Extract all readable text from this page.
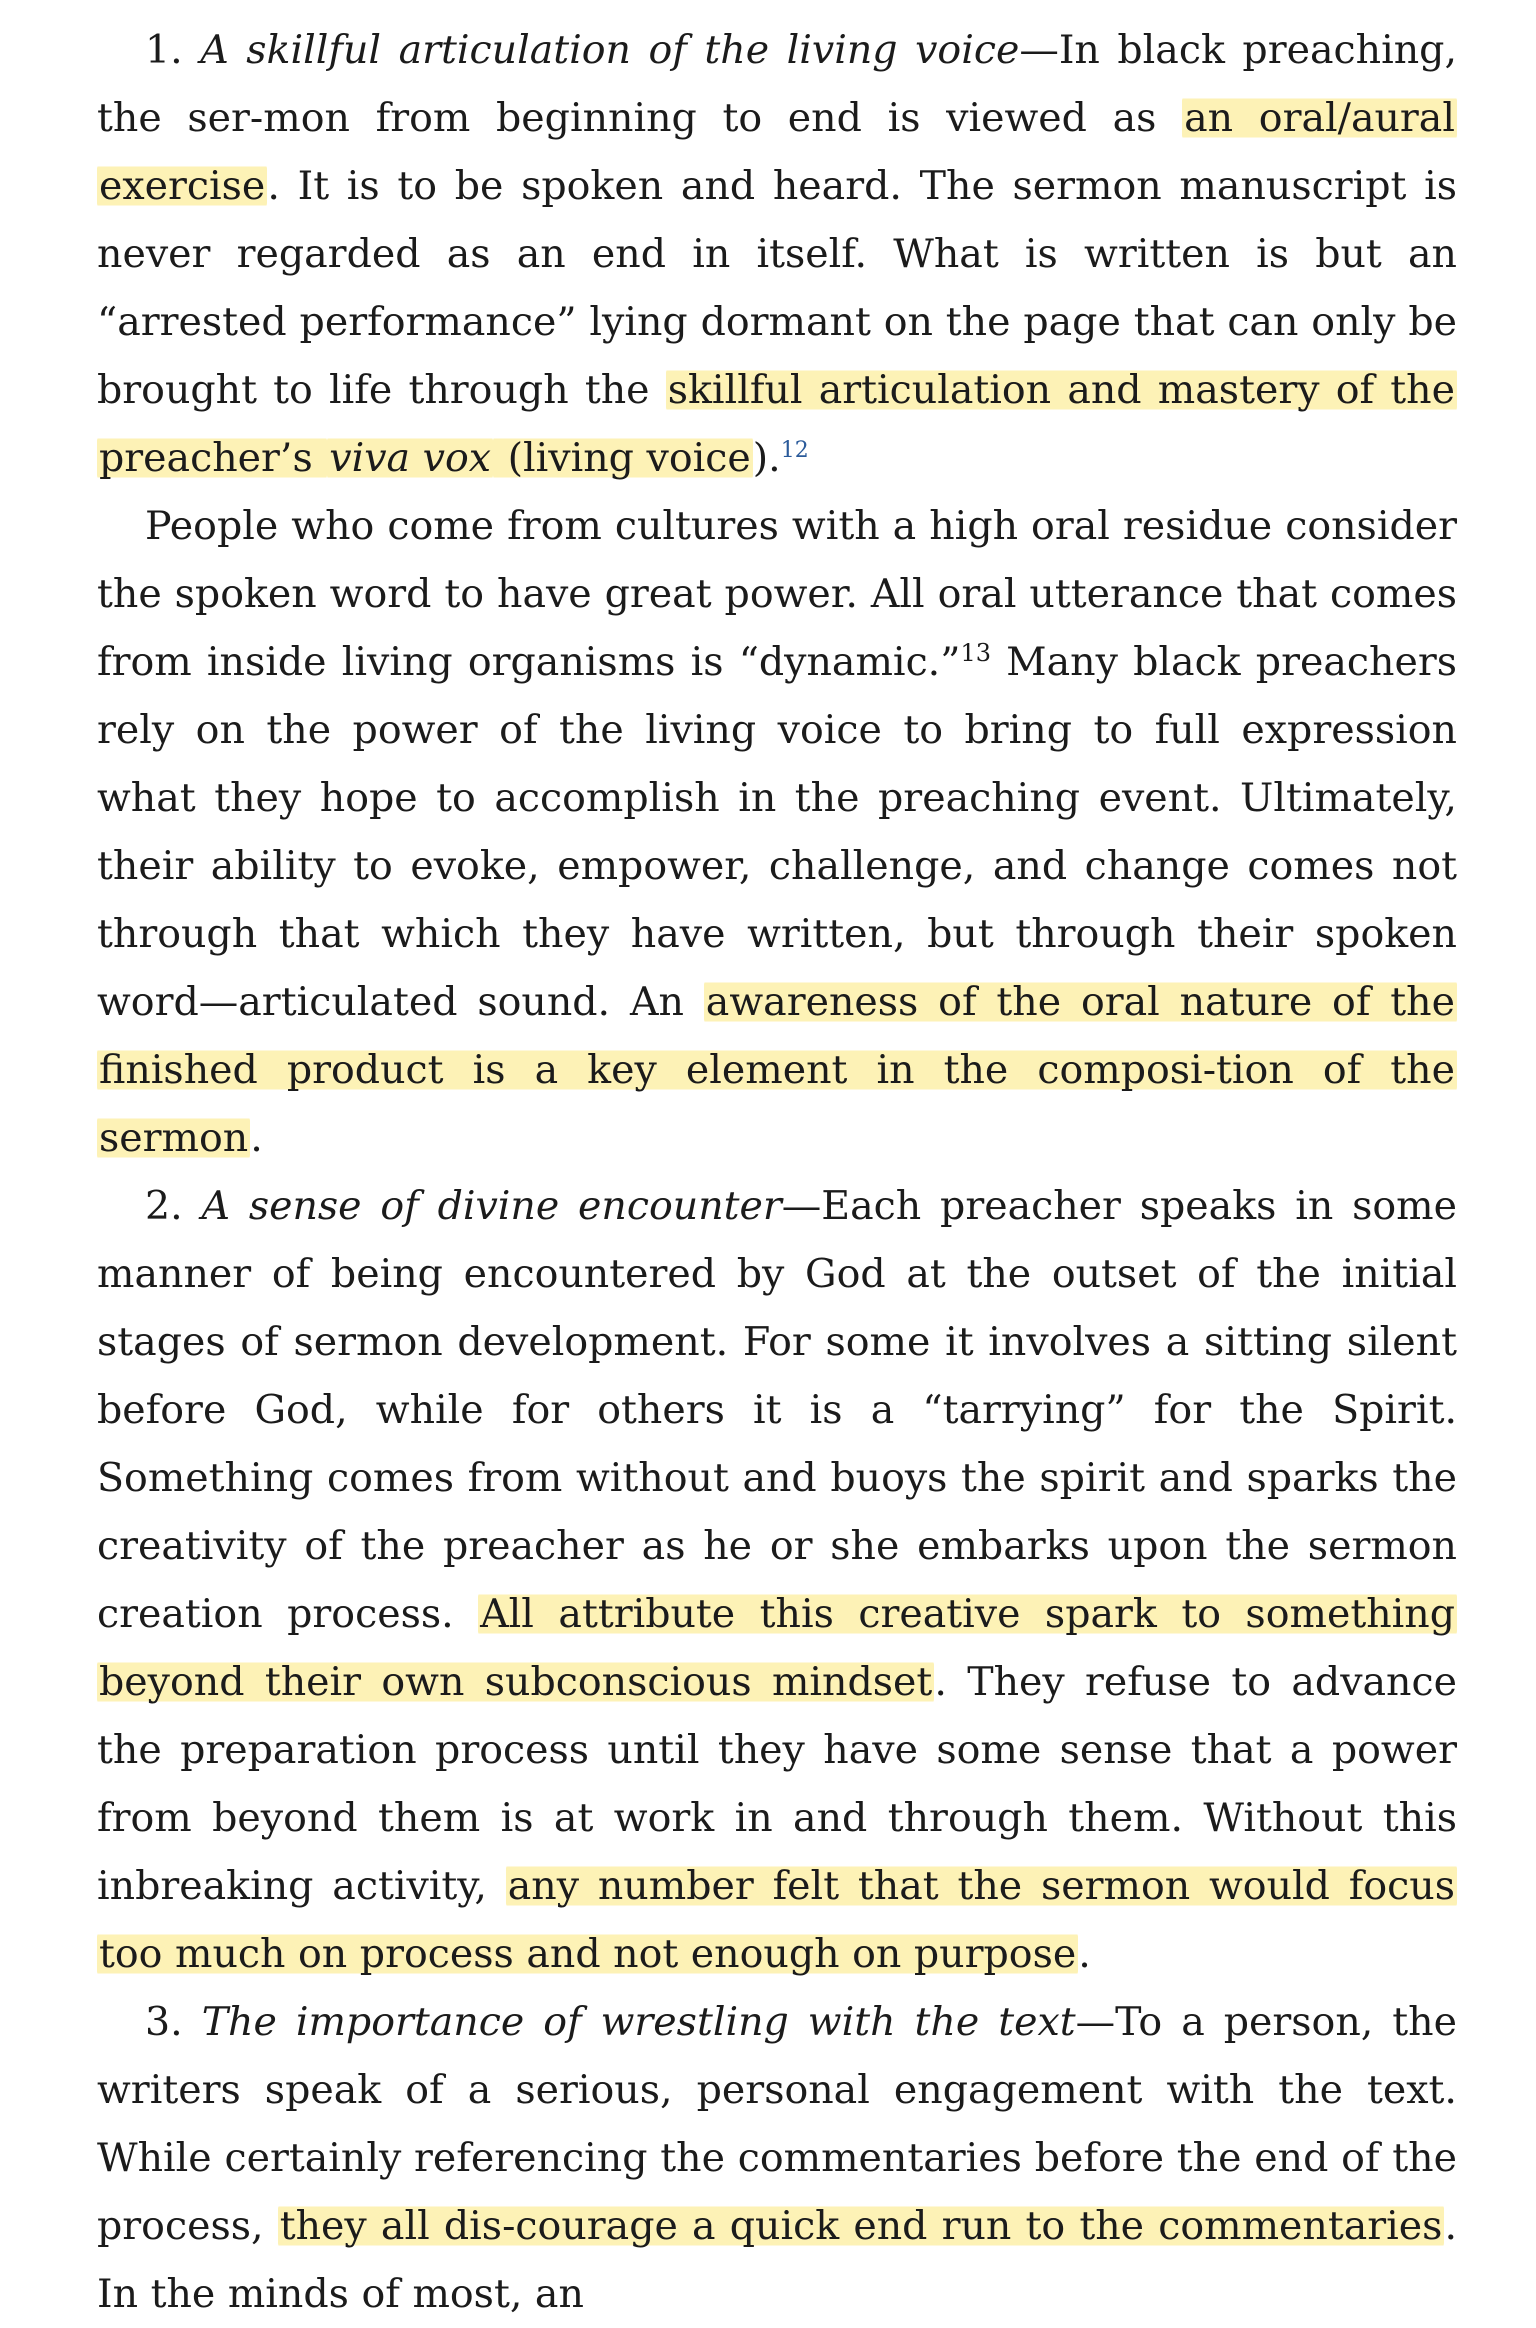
1. A skillful articulation of the living voice—In black preaching, the ser-mon from beginning to end is viewed as an oral/aural exercise. It is to be spoken and heard. The sermon manuscript is never regarded as an end in itself. What is written is but an “arrested performance” lying dormant on the page that can only be brought to life through the skillful articulation and mastery of the preacher’s viva vox (living voice).$^{12}$

People who come from cultures with a high oral residue consider the spoken word to have great power. All oral utterance that comes from inside living organisms is “dynamic.”$^{13}$ Many black preachers rely on the power of the living voice to bring to full expression what they hope to accomplish in the preaching event. Ultimately, their ability to evoke, empower, challenge, and change comes not through that which they have written, but through their spoken word—articulated sound. An awareness of the oral nature of the finished product is a key element in the composi-tion of the sermon.

2. A sense of divine encounter—Each preacher speaks in some manner of being encountered by God at the outset of the initial stages of sermon development. For some it involves a sitting silent before God, while for others it is a “tarrying” for the Spirit. Something comes from without and buoys the spirit and sparks the creativity of the preacher as he or she embarks upon the sermon creation process. All attribute this creative spark to something beyond their own subconscious mindset. They refuse to advance the preparation process until they have some sense that a power from beyond them is at work in and through them. Without this inbreaking activity, any number felt that the sermon would focus too much on process and not enough on purpose.

3. The importance of wrestling with the text—To a person, the writers speak of a serious, personal engagement with the text. While certainly referencing the commentaries before the end of the process, they all dis-courage a quick end run to the commentaries. In the minds of most, an
